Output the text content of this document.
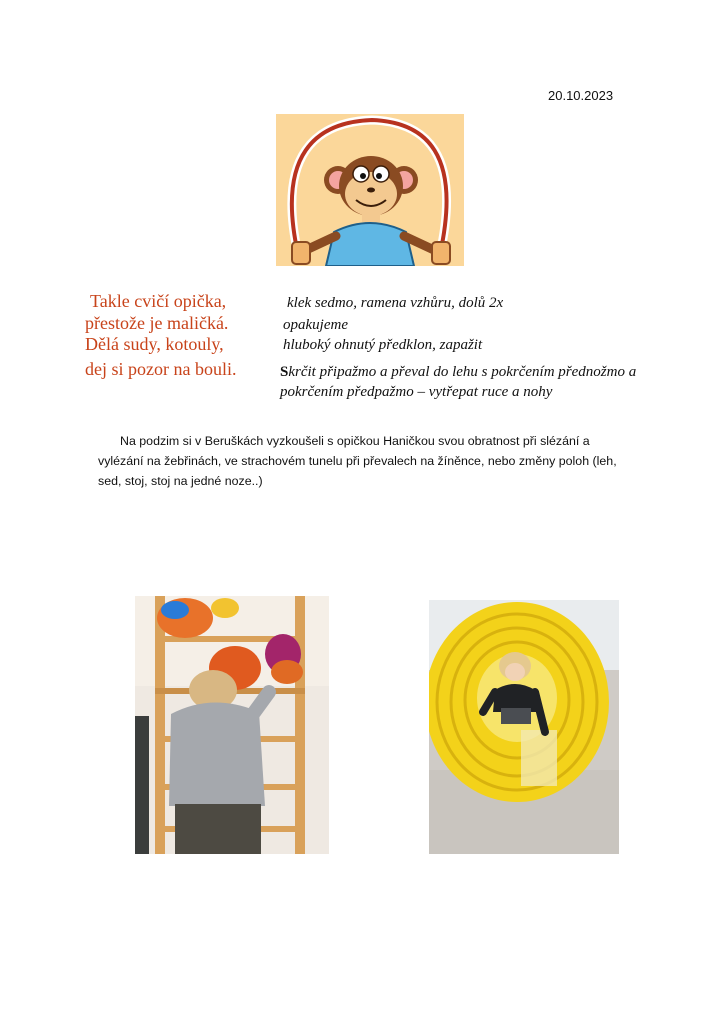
20.10.2023
Takle cvičí opička,
přestože je maličká.
Dělá sudy, kotouly,
dej si pozor na bouli.
klek sedmo, ramena vzhůru, dolů 2x
opakujeme
hluboký ohnutý předklon, zapažit
Skrčit připažmo a převal do lehu s pokrčením přednožmo a pokrčením předpažmo – vytřepat ruce a nohy
Na podzim si v Beruškách vyzkoušeli s opičkou Haničkou svou obratnost při slézání a vylézání na žebřinách, ve strachovém tunelu při převalech na žíněnce, nebo změny poloh (leh, sed, stoj, stoj na jedné noze..)
